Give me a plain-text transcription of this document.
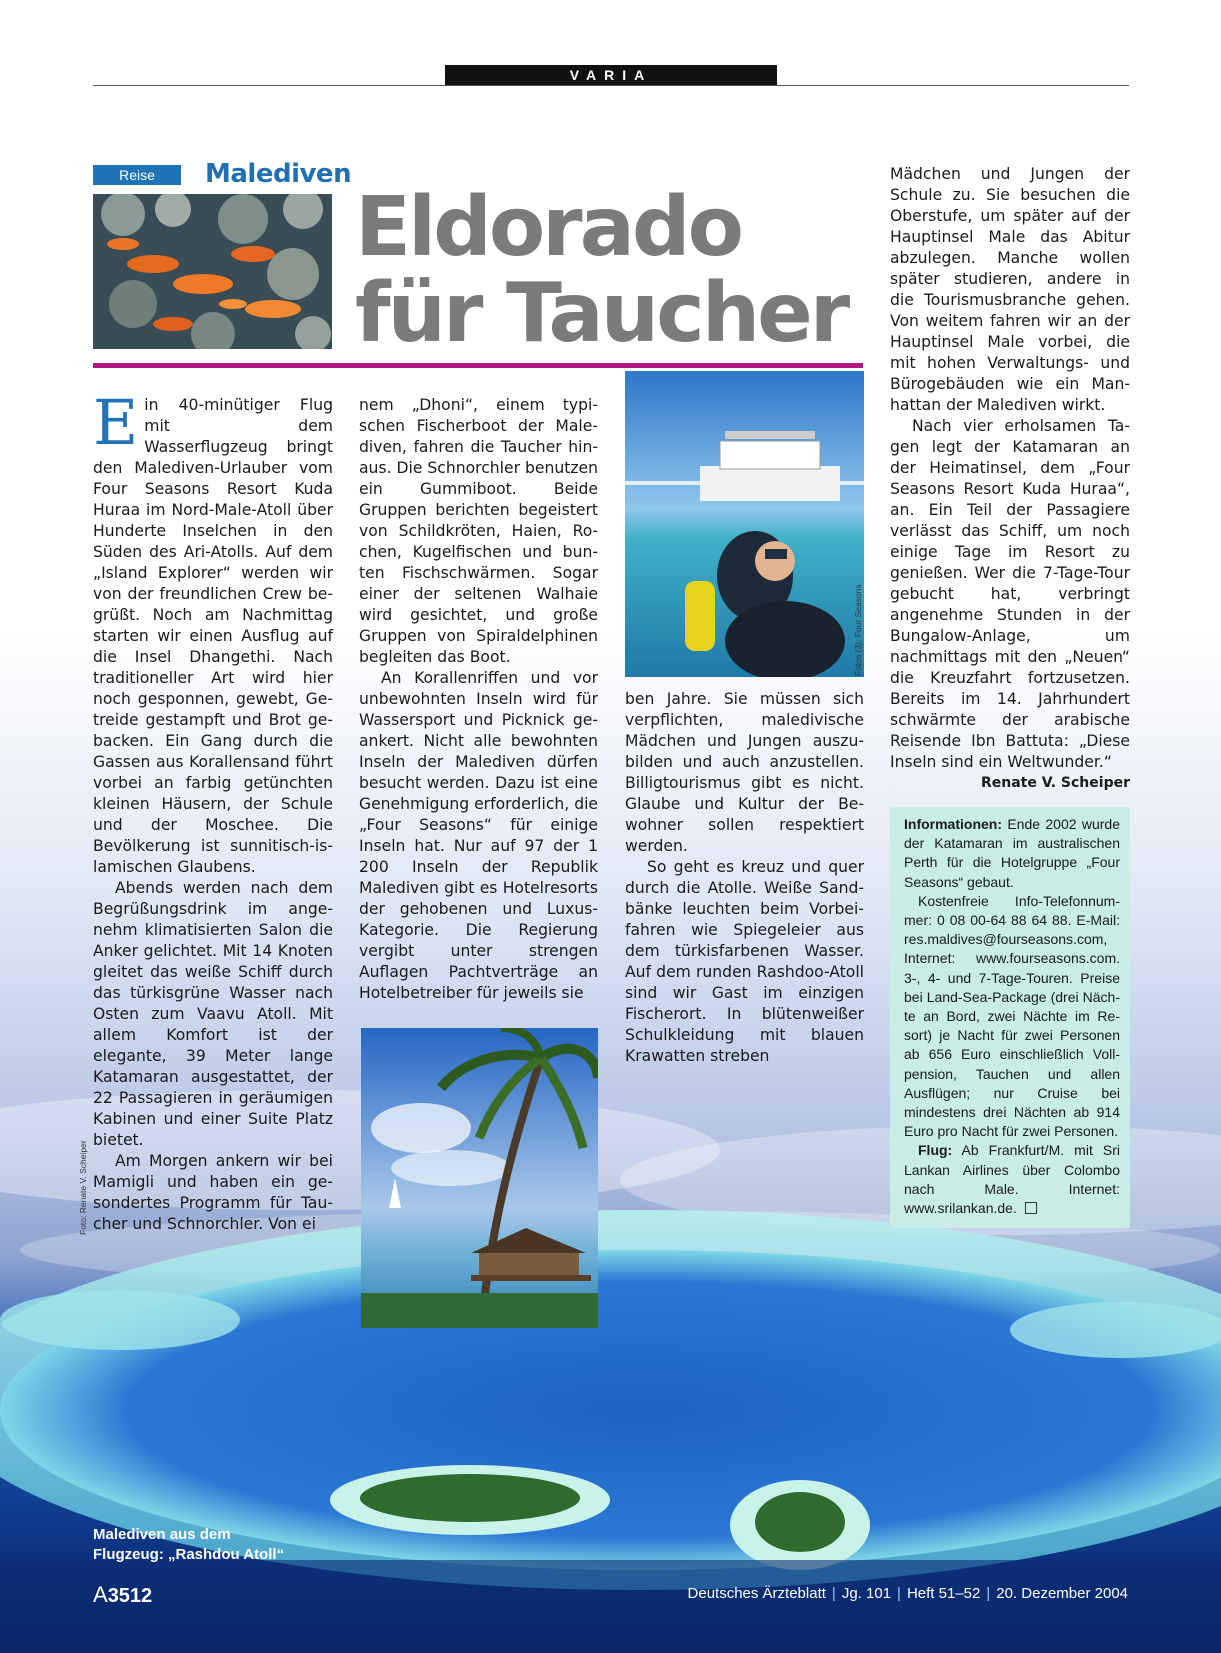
VARIA
Reise	Malediven
Eldorado
für Taucher

Ein 40-minütiger Flug mit dem Wasserflugzeug bringt den Malediven-Urlauber vom Four Seasons Resort Kuda Huraa im Nord-Male-Atoll über Hunderte Inselchen in den Süden des Ari-Atolls. Auf dem „Island Explorer“ werden wir von der freundlichen Crew begrüßt. Noch am Nachmittag starten wir einen Ausflug auf die Insel Dhangethi. Nach traditioneller Art wird hier noch gesponnen, gewebt, Getreide gestampft und Brot gebacken. Ein Gang durch die Gassen aus Korallensand führt vorbei an farbig getünchten kleinen Häusern, der Schule und der Moschee. Die Bevölkerung ist sunnitisch-islamischen Glaubens.

Abends werden nach dem Begrüßungsdrink im angenehm klimatisierten Salon die Anker gelichtet. Mit 14 Knoten gleitet das weiße Schiff durch das türkisgrüne Wasser nach Osten zum Vaavu Atoll. Mit allem Komfort ist der elegante, 39 Meter lange Katamaran ausgestattet, der 22 Passagieren in geräumigen Kabinen und einer Suite Platz bietet.

Am Morgen ankern wir bei Mamigli und haben ein gesondertes Programm für Taucher und Schnorchler. Von ei

nem „Dhoni“, einem typischen Fischerboot der Malediven, fahren die Taucher hinaus. Die Schnorchler benutzen ein Gummiboot. Beide Gruppen berichten begeistert von Schildkröten, Haien, Rochen, Kugelfischen und bunten Fischschwärmen. Sogar einer der seltenen Walhaie wird gesichtet, und große Gruppen von Spiraldelphinen begleiten das Boot.

An Korallenriffen und vor unbewohnten Inseln wird für Wassersport und Picknick geankert. Nicht alle bewohnten Inseln der Malediven dürfen besucht werden. Dazu ist eine Genehmigung erforderlich, die „Four Seasons“ für einige Inseln hat. Nur auf 97 der 1 200 Inseln der Republik Malediven gibt es Hotelresorts der gehobenen und Luxus-Kategorie. Die Regierung vergibt unter strengen Auflagen Pachtverträge an Hotelbetreiber für jeweils sie

Fotos (3): Four Seasons

ben Jahre. Sie müssen sich verpflichten, maledivische Mädchen und Jungen auszubilden und auch anzustellen. Billigtourismus gibt es nicht. Glaube und Kultur der Bewohner sollen respektiert werden.

So geht es kreuz und quer durch die Atolle. Weiße Sandbänke leuchten beim Vorbeifahren wie Spiegeleier aus dem türkisfarbenen Wasser. Auf dem runden Rashdoo-Atoll sind wir Gast im einzigen Fischerort. In blütenweißer Schulkleidung mit blauen Krawatten streben

Mädchen und Jungen der Schule zu. Sie besuchen die Oberstufe, um später auf der Hauptinsel Male das Abitur abzulegen. Manche wollen später studieren, andere in die Tourismusbranche gehen. Von weitem fahren wir an der Hauptinsel Male vorbei, die mit hohen Verwaltungs- und Bürogebäuden wie ein Manhattan der Malediven wirkt.

Nach vier erholsamen Tagen legt der Katamaran an der Heimatinsel, dem „Four Seasons Resort Kuda Huraa“, an. Ein Teil der Passagiere verlässt das Schiff, um noch einige Tage im Resort zu genießen. Wer die 7-Tage-Tour gebucht hat, verbringt angenehme Stunden in der Bungalow-Anlage, um nachmittags mit den „Neuen“ die Kreuzfahrt fortzusetzen. Bereits im 14. Jahrhundert schwärmte der arabische Reisende Ibn Battuta: „Diese Inseln sind ein Weltwunder.“
Renate V. Scheiper

Informationen: Ende 2002 wurde der Katamaran im australischen Perth für die Hotelgruppe „Four Seasons“ gebaut.

Kostenfreie Info-Telefonnummer: 0 08 00-64 88 64 88. E-Mail: res.maldives@fourseasons.com, Internet: www.fourseasons.com. 3-, 4- und 7-Tage-Touren. Preise bei Land-Sea-Package (drei Nächte an Bord, zwei Nächte im Resort) je Nacht für zwei Personen ab 656 Euro einschließlich Vollpension, Tauchen und allen Ausflügen; nur Cruise bei mindestens drei Nächten ab 914 Euro pro Nacht für zwei Personen.

Flug: Ab Frankfurt/M. mit Sri Lankan Airlines über Colombo nach Male. Internet: www.srilankan.de.

Foto: Renate V. Scheiper
Malediven aus dem
Flugzeug: „Rashdou Atoll“
A3512	Deutsches Ärzteblatt | Jg. 101 | Heft 51–52 | 20. Dezember 2004
